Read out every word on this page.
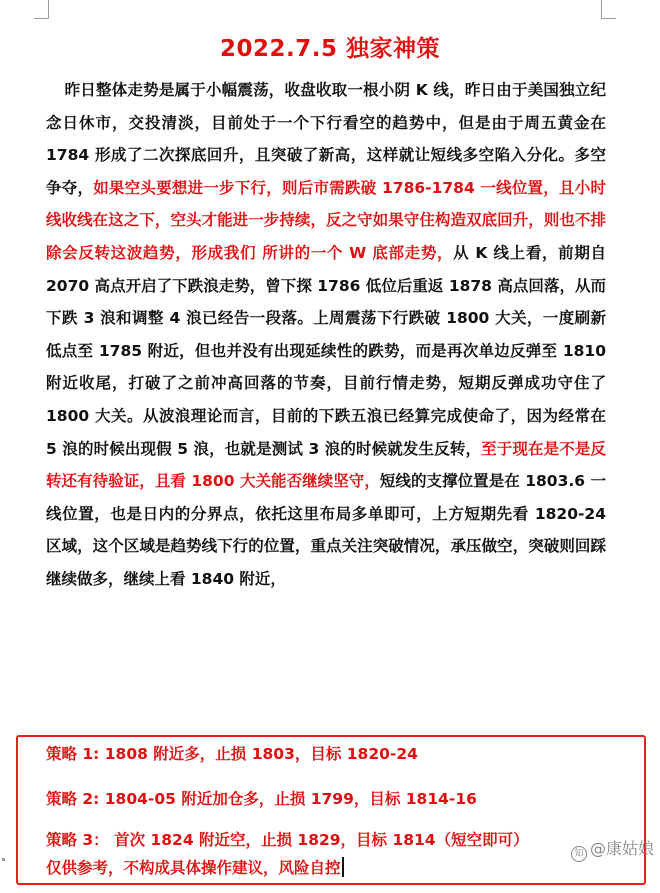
2022.7.5 独家神策

昨日整体走势是属于小幅震荡，收盘收取一根小阴 K 线，昨日由于美国独立纪念日休市，交投清淡，目前处于一个下行看空的趋势中，但是由于周五黄金在 1784 形成了二次探底回升，且突破了新高，这样就让短线多空陷入分化。多空争夺，如果空头要想进一步下行，则后市需跌破 1786-1784 一线位置，且小时线收线在这之下，空头才能进一步持续，反之守如果守住构造双底回升，则也不排除会反转这波趋势，形成我们 所讲的一个 W 底部走势，从 K 线上看，前期自 2070 高点开启了下跌浪走势，曾下探 1786 低位后重返 1878 高点回落，从而下跌 3 浪和调整 4 浪已经告一段落。上周震荡下行跌破 1800 大关，一度刷新低点至 1785 附近，但也并没有出现延续性的跌势，而是再次单边反弹至 1810 附近收尾，打破了之前冲高回落的节奏，目前行情走势，短期反弹成功守住了 1800 大关。从波浪理论而言，目前的下跌五浪已经算完成使命了，因为经常在 5 浪的时候出现假 5 浪，也就是测试 3 浪的时候就发生反转，至于现在是不是反转还有待验证，且看 1800 大关能否继续坚守，短线的支撑位置是在 1803.6 一线位置，也是日内的分界点，依托这里布局多单即可，上方短期先看 1820-24 区域，这个区域是趋势线下行的位置，重点关注突破情况，承压做空，突破则回踩继续做多，继续上看 1840 附近，

策略 1: 1808 附近多，止损 1803，目标 1820-24
策略 2: 1804-05 附近加仓多，止损 1799，目标 1814-16
策略 3： 首次 1824 附近空，止损 1829，目标 1814（短空即可）
仅供参考，不构成具体操作建议，风险自控
知 @康姑娘
